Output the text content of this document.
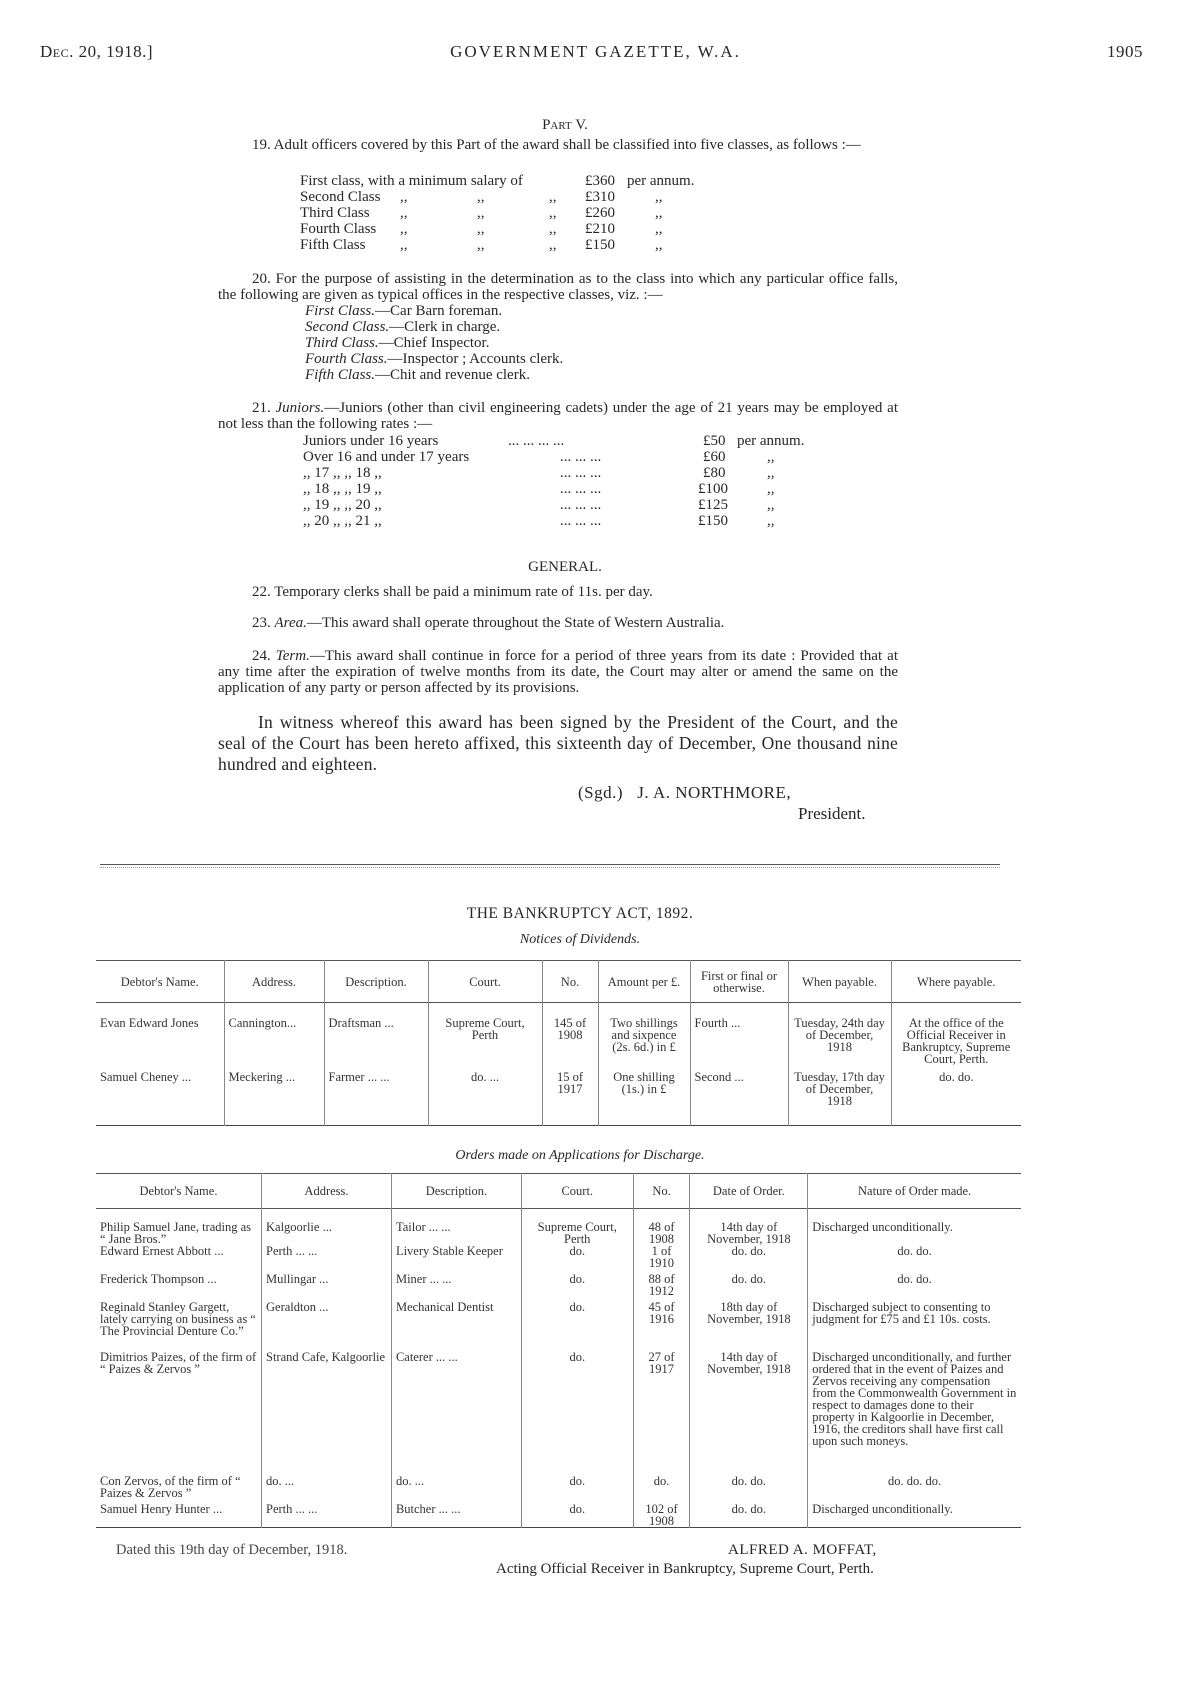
Dec. 20, 1918.]	GOVERNMENT GAZETTE, W.A.	1905
Part V.

19. Adult officers covered by this Part of the award shall be classified into five classes, as follows :—

First class, with a minimum salary of	£360 per annum.
Second Class ,,	,,	,, £310	,,
Third Class ,,	,,	,, £260	,,
Fourth Class ,,	,,	,, £210	,,
Fifth Class ,,	,,	,, £150	,,

20. For the purpose of assisting in the determination as to the class into which any particular office falls, the following are given as typical offices in the respective classes, viz. :—

First Class.—Car Barn foreman.
Second Class.—Clerk in charge.
Third Class.—Chief Inspector.
Fourth Class.—Inspector ; Accounts clerk.
Fifth Class.—Chit and revenue clerk.

21. Juniors.—Juniors (other than civil engineering cadets) under the age of 21 years may be employed at not less than the following rates :—

Juniors under 16 years	... ... ... ...	£50 per annum.
Over 16 and under 17 years	... ... ...	£60	,,
,, 17 ,, ,, 18 ,,	... ... ...	£80	,,
,, 18 ,, ,, 19 ,,	... ... ...	£100	,,
,, 19 ,, ,, 20 ,,	... ... ...	£125	,,
,, 20 ,, ,, 21 ,,	... ... ...	£150	,,
GENERAL.

22. Temporary clerks shall be paid a minimum rate of 11s. per day.

23. Area.—This award shall operate throughout the State of Western Australia.

24. Term.—This award shall continue in force for a period of three years from its date : Provided that at any time after the expiration of twelve months from its date, the Court may alter or amend the same on the application of any party or person affected by its provisions.

In witness whereof this award has been signed by the President of the Court, and the seal of the Court has been hereto affixed, this sixteenth day of December, One thousand nine hundred and eighteen.

(Sgd.)   J. A. NORTHMORE,
President.
THE BANKRUPTCY ACT, 1892.
Notices of Dividends.
Debtor's Name.	Address.	Description.	Court.	No.	Amount per £.	First or final or otherwise.	When payable.	Where payable.
Evan Edward Jones	Cannington...	Draftsman ...	Supreme Court, Perth	145 of 1908	Two shillings and sixpence (2s. 6d.) in £	Fourth ...	Tuesday, 24th day of December, 1918	At the office of the Official Receiver in Bankruptcy, Supreme Court, Perth.
Samuel Cheney ...	Meckering ...	Farmer ... ...	do. ...	15 of 1917	One shilling (1s.) in £	Second ...	Tuesday, 17th day of December, 1918	do. do.
Orders made on Applications for Discharge.
Debtor's Name.	Address.	Description.	Court.	No.	Date of Order.	Nature of Order made.
Philip Samuel Jane, trading as “ Jane Bros.”	Kalgoorlie ...	Tailor ... ...	Supreme Court, Perth	48 of 1908	14th day of November, 1918	Discharged unconditionally.
Edward Ernest Abbott ...	Perth ... ...	Livery Stable Keeper	do.	1 of 1910	do. do.	do. do.
Frederick Thompson ...	Mullingar ...	Miner ... ...	do.	88 of 1912	do. do.	do. do.
Reginald Stanley Gargett, lately carrying on business as “ The Provincial Denture Co.”	Geraldton ...	Mechanical Dentist	do.	45 of 1916	18th day of November, 1918	Discharged subject to consenting to judgment for £75 and £1 10s. costs.
Dimitrios Paizes, of the firm of “ Paizes & Zervos ”	Strand Cafe, Kalgoorlie	Caterer ... ...	do.	27 of 1917	14th day of November, 1918	Discharged unconditionally, and further ordered that in the event of Paizes and Zervos receiving any compensation from the Commonwealth Government in respect to damages done to their property in Kalgoorlie in December, 1916, the creditors shall have first call upon such moneys.
Con Zervos, of the firm of “ Paizes & Zervos ”	do. ...	do. ...	do.	do.	do. do.	do. do. do.
Samuel Henry Hunter ...	Perth ... ...	Butcher ... ...	do.	102 of 1908	do. do.	Discharged unconditionally.
Dated this 19th day of December, 1918.	ALFRED A. MOFFAT,
Acting Official Receiver in Bankruptcy, Supreme Court, Perth.
